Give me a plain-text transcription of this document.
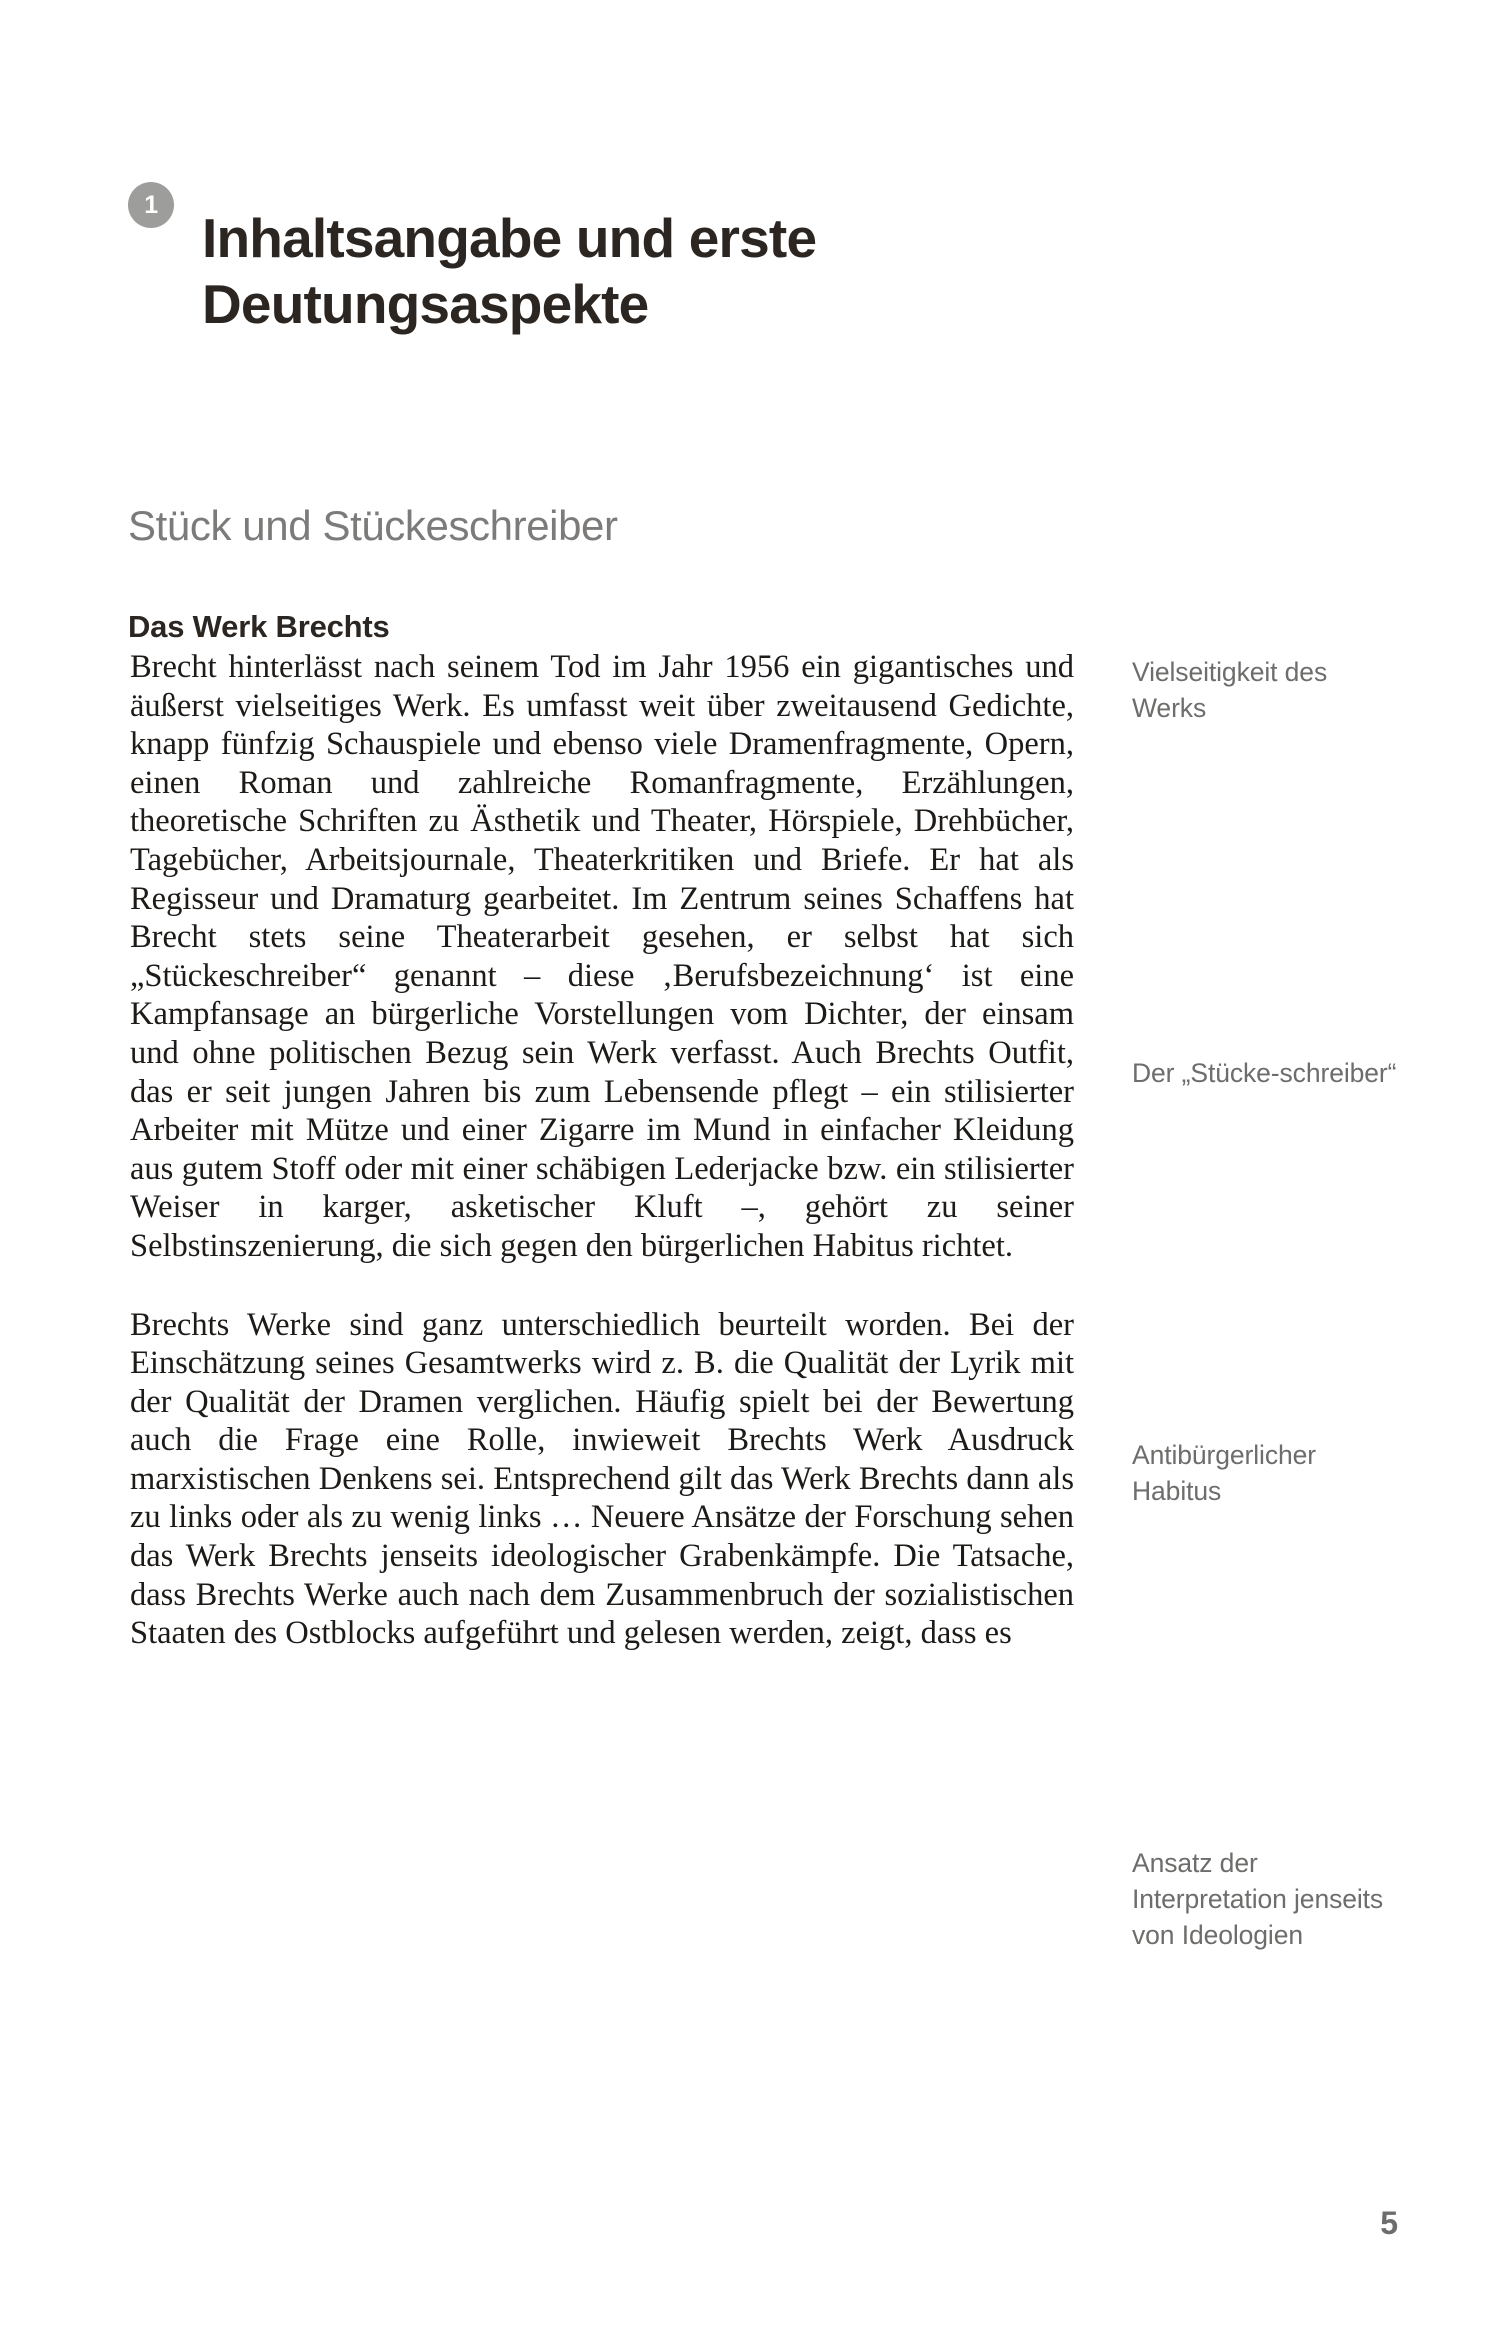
1
Inhaltsangabe und erste Deutungsaspekte
Stück und Stückeschreiber
Das Werk Brechts

Brecht hinterlässt nach seinem Tod im Jahr 1956 ein gigantisches und äußerst vielseitiges Werk. Es umfasst weit über zweitausend Gedichte, knapp fünfzig Schauspiele und ebenso viele Dramenfragmente, Opern, einen Roman und zahlreiche Romanfragmente, Erzählungen, theoretische Schriften zu Ästhetik und Theater, Hörspiele, Drehbücher, Tagebücher, Arbeitsjournale, Theaterkritiken und Briefe. Er hat als Regisseur und Dramaturg gearbeitet. Im Zentrum seines Schaffens hat Brecht stets seine Theaterarbeit gesehen, er selbst hat sich „Stückeschreiber“ genannt – diese ‚Berufsbezeichnung‘ ist eine Kampfansage an bürgerliche Vorstellungen vom Dichter, der einsam und ohne politischen Bezug sein Werk verfasst. Auch Brechts Outfit, das er seit jungen Jahren bis zum Lebensende pflegt – ein stilisierter Arbeiter mit Mütze und einer Zigarre im Mund in einfacher Kleidung aus gutem Stoff oder mit einer schäbigen Lederjacke bzw. ein stilisierter Weiser in karger, asketischer Kluft –, gehört zu seiner Selbstinszenierung, die sich gegen den bürgerlichen Habitus richtet.

Brechts Werke sind ganz unterschiedlich beurteilt worden. Bei der Einschätzung seines Gesamtwerks wird z. B. die Qualität der Lyrik mit der Qualität der Dramen verglichen. Häufig spielt bei der Bewertung auch die Frage eine Rolle, inwieweit Brechts Werk Ausdruck marxistischen Denkens sei. Entsprechend gilt das Werk Brechts dann als zu links oder als zu wenig links … Neuere Ansätze der Forschung sehen das Werk Brechts jenseits ideologischer Grabenkämpfe. Die Tatsache, dass Brechts Werke auch nach dem Zusammenbruch der sozialistischen Staaten des Ostblocks aufgeführt und gelesen werden, zeigt, dass es

Vielseitigkeit des Werks
Der „Stücke-schreiber“
Antibürgerlicher Habitus
Ansatz der Interpretation jenseits von Ideologien
5
